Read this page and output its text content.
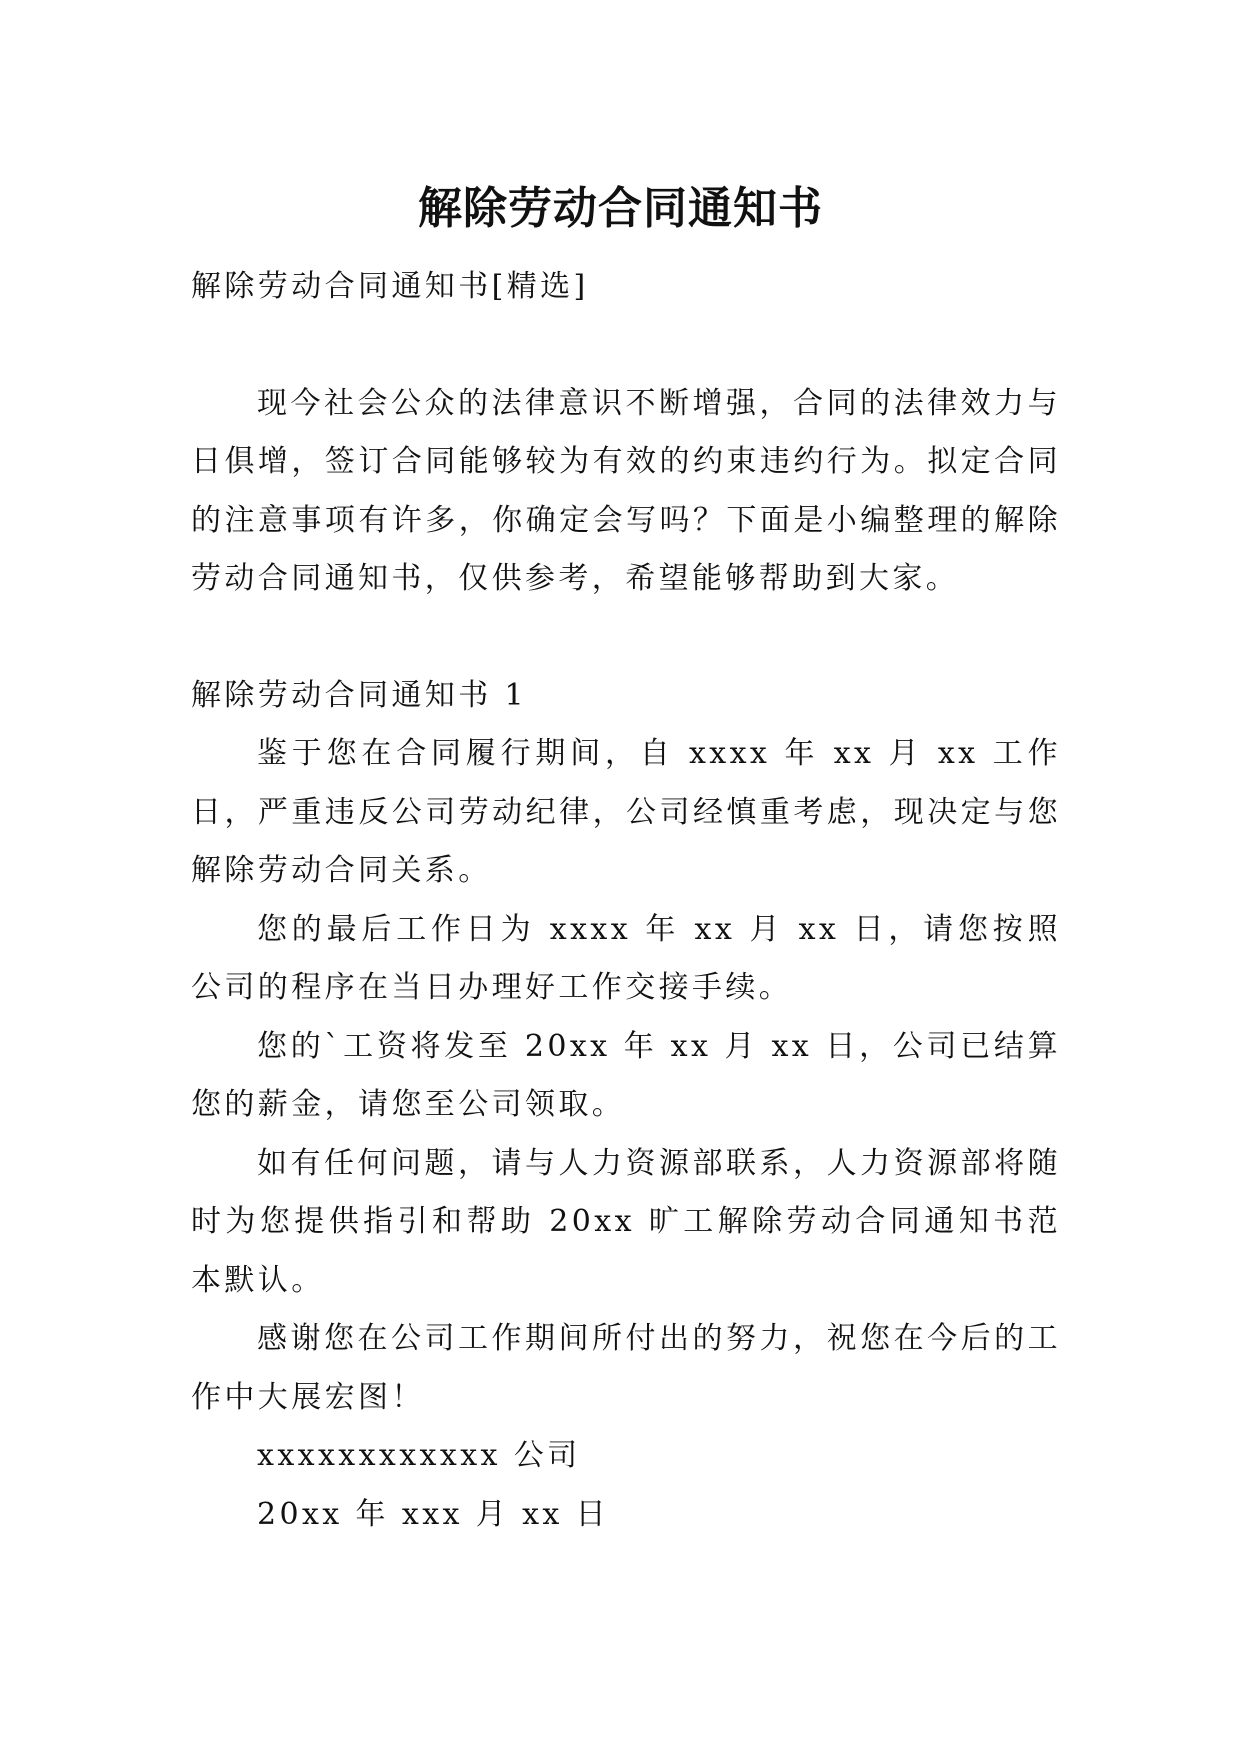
解除劳动合同通知书

解除劳动合同通知书[精选]

现今社会公众的法律意识不断增强，合同的法律效力与日俱增，签订合同能够较为有效的约束违约行为。拟定合同的注意事项有许多，你确定会写吗？下面是小编整理的解除劳动合同通知书，仅供参考，希望能够帮助到大家。

解除劳动合同通知书 1

鉴于您在合同履行期间，自 xxxx 年 xx 月 xx 工作日，严重违反公司劳动纪律，公司经慎重考虑，现决定与您解除劳动合同关系。

您的最后工作日为 xxxx 年 xx 月 xx 日，请您按照公司的程序在当日办理好工作交接手续。

您的`工资将发至 20xx 年 xx 月 xx 日，公司已结算您的薪金，请您至公司领取。

如有任何问题，请与人力资源部联系，人力资源部将随时为您提供指引和帮助 20xx 旷工解除劳动合同通知书范本默认。

感谢您在公司工作期间所付出的努力，祝您在今后的工作中大展宏图！

xxxxxxxxxxxx 公司

20xx 年 xxx 月 xx 日
